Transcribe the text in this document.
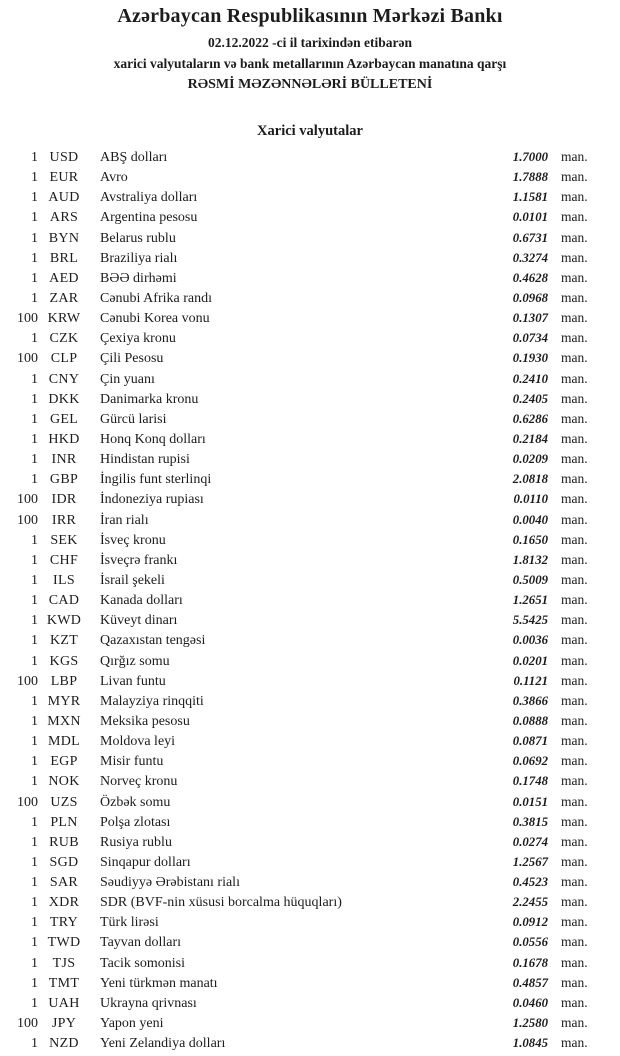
Azərbaycan Respublikasının Mərkəzi Bankı
02.12.2022 -ci il tarixindən etibarən
xarici valyutaların və bank metallarının Azərbaycan manatına qarşı
RƏSMİ MƏZƏNNƏLƏRİ BÜLLETENİ
Xarici valyutalar
1 USD	ABŞ dolları	1.7000 man.
1 EUR	Avro	1.7888 man.
1 AUD	Avstraliya dolları	1.1581 man.
1 ARS	Argentina pesosu	0.0101 man.
1 BYN	Belarus rublu	0.6731 man.
1 BRL	Braziliya rialı	0.3274 man.
1 AED	BƏƏ dirhəmi	0.4628 man.
1 ZAR	Cənubi Afrika randı	0.0968 man.
100 KRW	Cənubi Korea vonu	0.1307 man.
1 CZK	Çexiya kronu	0.0734 man.
100 CLP	Çili Pesosu	0.1930 man.
1 CNY	Çin yuanı	0.2410 man.
1 DKK	Danimarka kronu	0.2405 man.
1 GEL	Gürcü larisi	0.6286 man.
1 HKD	Honq Konq dolları	0.2184 man.
1 INR	Hindistan rupisi	0.0209 man.
1 GBP	İngilis funt sterlinqi	2.0818 man.
100 IDR	İndoneziya rupiası	0.0110 man.
100 IRR	İran rialı	0.0040 man.
1 SEK	İsveç kronu	0.1650 man.
1 CHF	İsveçrə frankı	1.8132 man.
1	ILS	İsrail şekeli	0.5009 man.
1 CAD	Kanada dolları	1.2651 man.
1 KWD	Küveyt dinarı	5.5425 man.
1 KZT	Qazaxıstan tengəsi	0.0036 man.
1 KGS	Qırğız somu	0.0201 man.
100 LBP	Livan funtu	0.1121 man.
1 MYR	Malayziya rinqqiti	0.3866 man.
1 MXN	Meksika pesosu	0.0888 man.
1 MDL	Moldova leyi	0.0871 man.
1 EGP	Misir funtu	0.0692 man.
1 NOK	Norveç kronu	0.1748 man.
100 UZS	Özbək somu	0.0151 man.
1 PLN	Polşa zlotası	0.3815 man.
1 RUB	Rusiya rublu	0.0274 man.
1 SGD	Sinqapur dolları	1.2567 man.
1 SAR	Səudiyyə Ərəbistanı rialı	0.4523 man.
1 XDR	SDR (BVF-nin xüsusi borcalma hüquqları)	2.2455 man.
1 TRY	Türk lirəsi	0.0912 man.
1 TWD	Tayvan dolları	0.0556 man.
1	TJS	Tacik somonisi	0.1678 man.
1 TMT	Yeni türkmən manatı	0.4857 man.
1 UAH	Ukrayna qrivnası	0.0460 man.
100 JPY	Yapon yeni	1.2580 man.
1 NZD	Yeni Zelandiya dolları	1.0845 man.
